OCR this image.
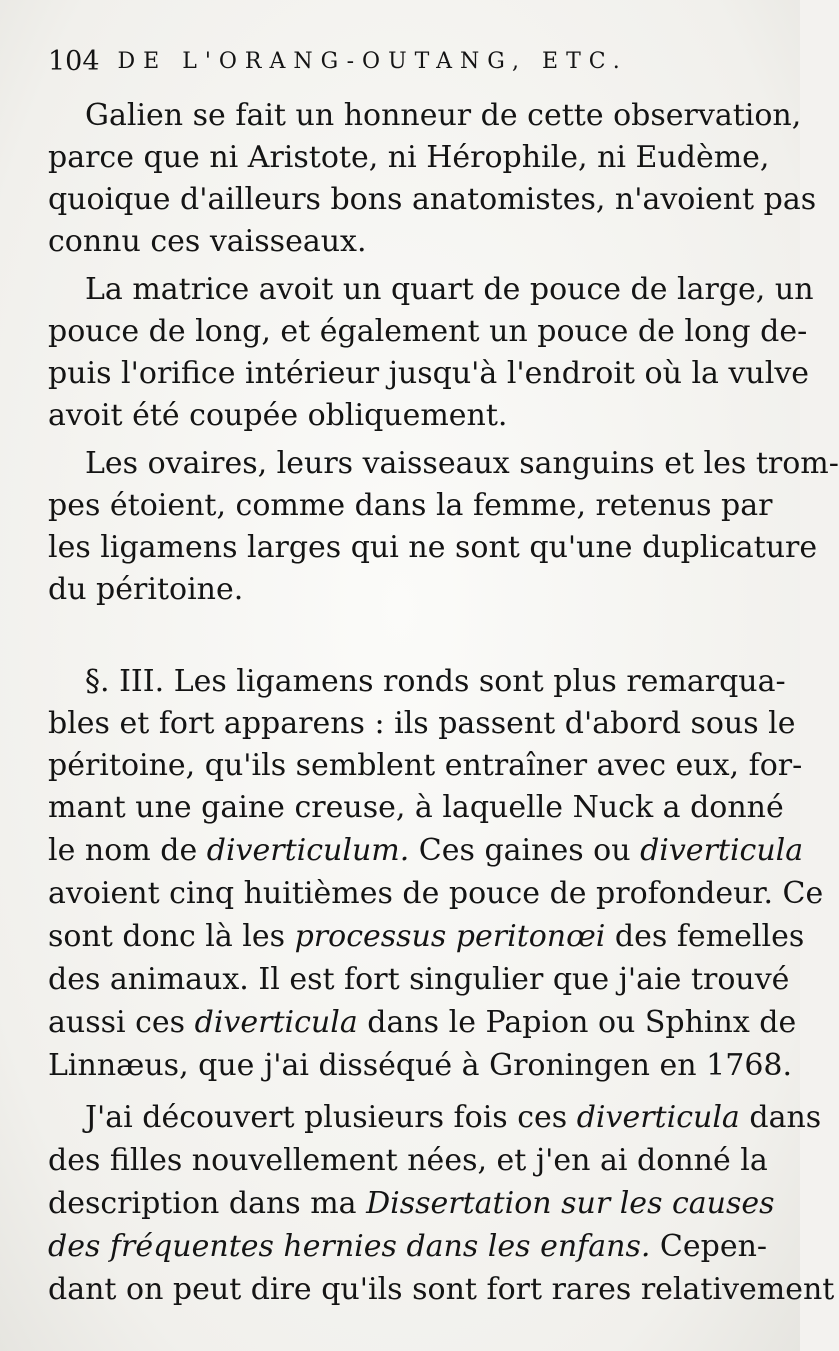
104 DE L'ORANG-OUTANG, ETC.
Galien se fait un honneur de cette observation,
parce que ni Aristote, ni Hérophile, ni Eudème,
quoique d'ailleurs bons anatomistes, n'avoient pas
connu ces vaisseaux.
La matrice avoit un quart de pouce de large, un
pouce de long, et également un pouce de long de-
puis l'orifice intérieur jusqu'à l'endroit où la vulve
avoit été coupée obliquement.
Les ovaires, leurs vaisseaux sanguins et les trom-
pes étoient, comme dans la femme, retenus par
les ligamens larges qui ne sont qu'une duplicature
du péritoine.
§. III. Les ligamens ronds sont plus remarqua-
bles et fort apparens : ils passent d'abord sous le
péritoine, qu'ils semblent entraîner avec eux, for-
mant une gaine creuse, à laquelle Nuck a donné
le nom de diverticulum. Ces gaines ou diverticula
avoient cinq huitièmes de pouce de profondeur. Ce
sont donc là les processus peritonœi des femelles
des animaux. Il est fort singulier que j'aie trouvé
aussi ces diverticula dans le Papion ou Sphinx de
Linnæus, que j'ai disséqué à Groningen en 1768.
J'ai découvert plusieurs fois ces diverticula dans
des filles nouvellement nées, et j'en ai donné la
description dans ma Dissertation sur les causes
des fréquentes hernies dans les enfans. Cepen-
dant on peut dire qu'ils sont fort rares relativement
